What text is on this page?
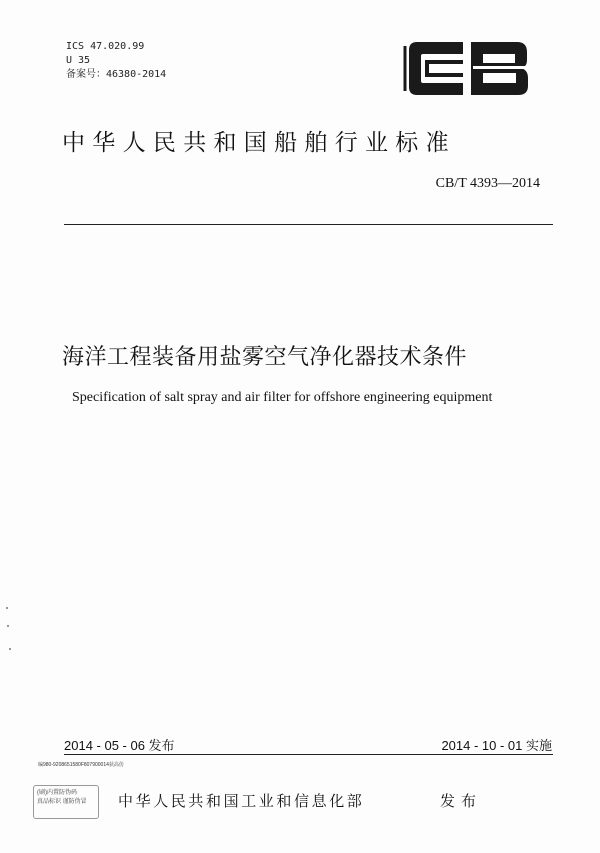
ICS 47.020.99
U 35
备案号：46380-2014
中华人民共和国船舶行业标准
CB/T 4393—2014
海洋工程装备用盐雾空气净化器技术条件
Specification of salt spray and air filter for offshore engineering equipment
2014 - 05 - 06 发布	2014 - 10 - 01 实施
编980-9208651580F807900014获高仿
(刷)内置防伪码
真品标识 谨防伪冒	中华人民共和国工业和信息化部	发布
